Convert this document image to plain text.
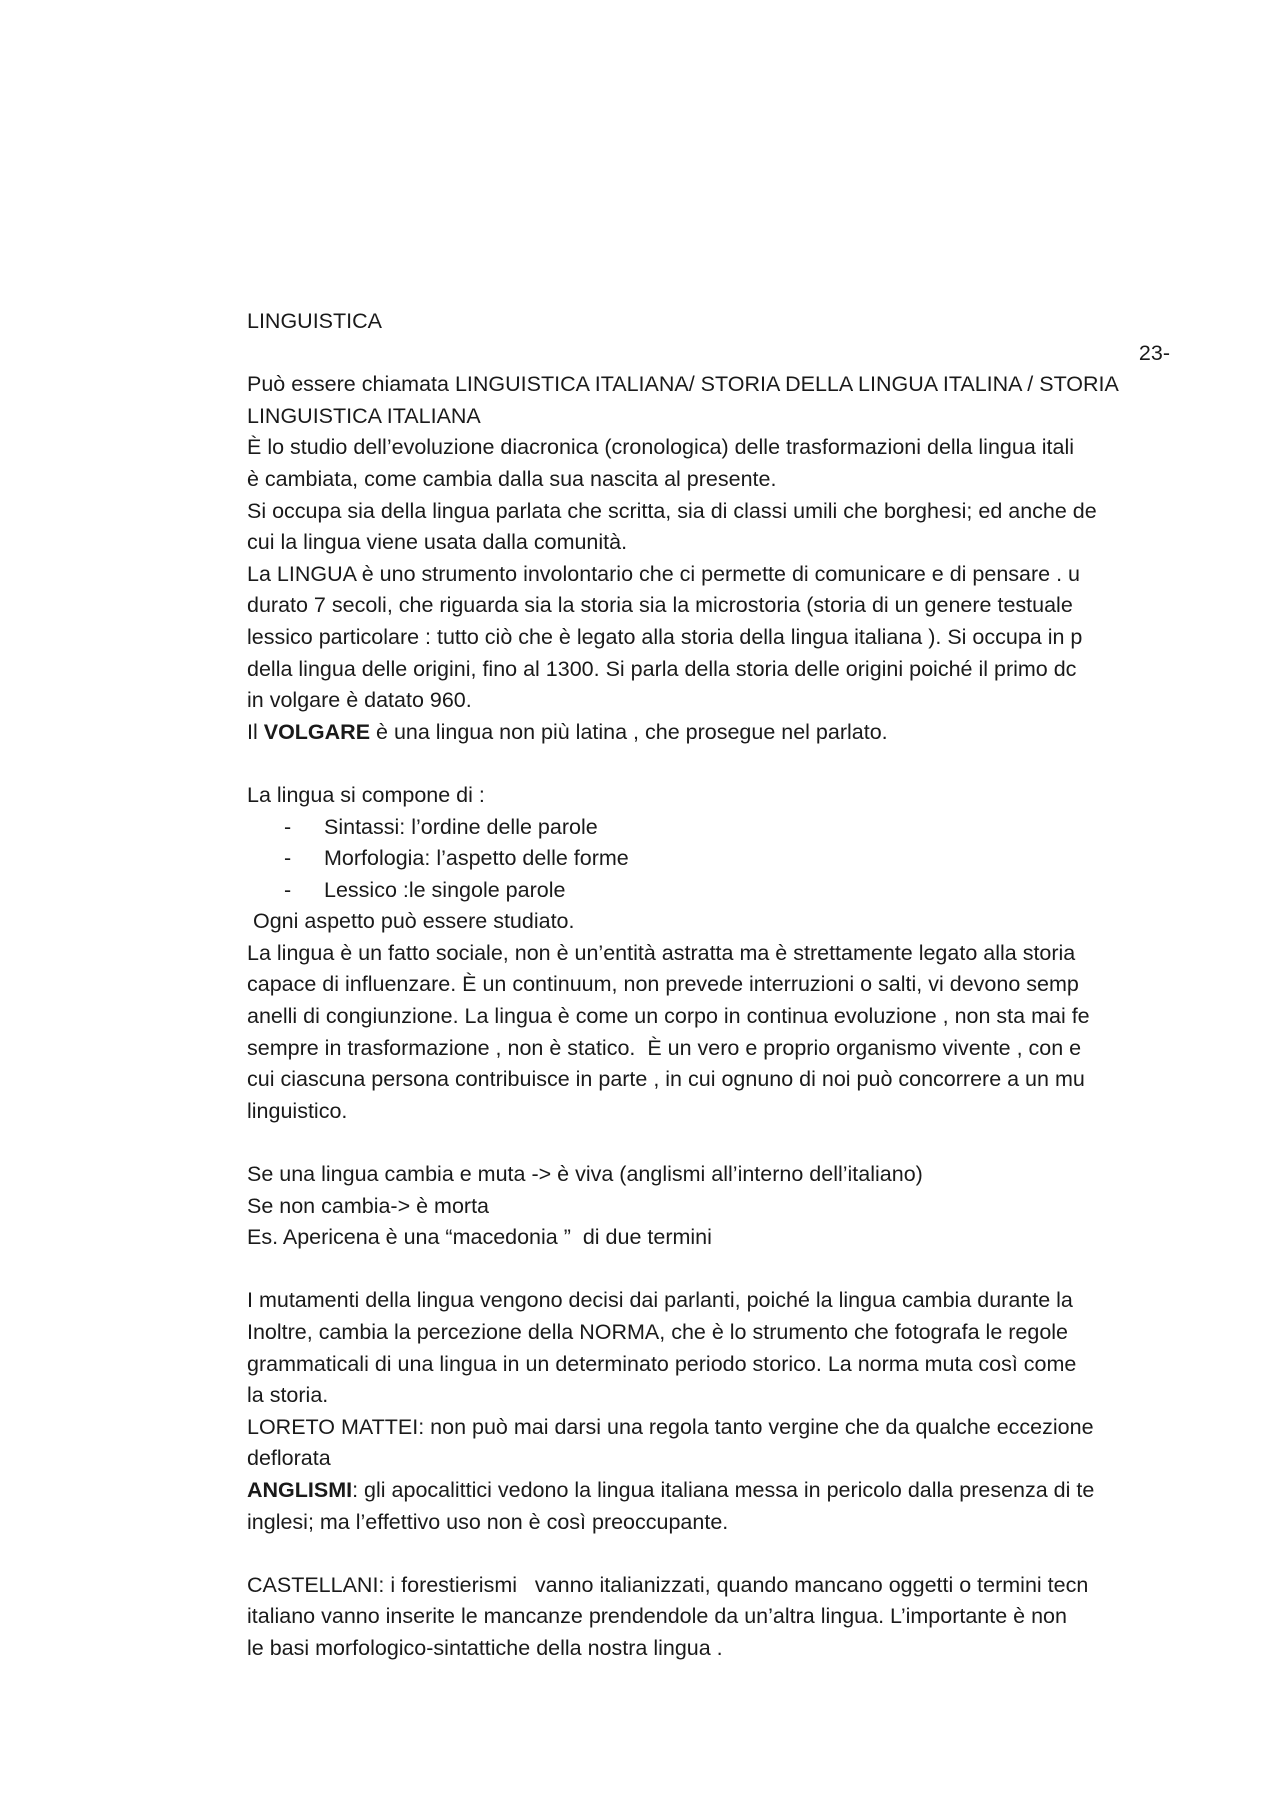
LINGUISTICA
23-
Può essere chiamata LINGUISTICA ITALIANA/ STORIA DELLA LINGUA ITALINA / STORIA
LINGUISTICA ITALIANA
È lo studio dell’evoluzione diacronica (cronologica) delle trasformazioni della lingua itali
è cambiata, come cambia dalla sua nascita al presente.
Si occupa sia della lingua parlata che scritta, sia di classi umili che borghesi; ed anche de
cui la lingua viene usata dalla comunità.
La LINGUA è uno strumento involontario che ci permette di comunicare e di pensare . u
durato 7 secoli, che riguarda sia la storia sia la microstoria (storia di un genere testuale
lessico particolare : tutto ciò che è legato alla storia della lingua italiana ). Si occupa in p
della lingua delle origini, fino al 1300. Si parla della storia delle origini poiché il primo dc
in volgare è datato 960.
Il VOLGARE è una lingua non più latina , che prosegue nel parlato.
La lingua si compone di :
- Sintassi: l’ordine delle parole
- Morfologia: l’aspetto delle forme
- Lessico :le singole parole
Ogni aspetto può essere studiato.
La lingua è un fatto sociale, non è un’entità astratta ma è strettamente legato alla storia
capace di influenzare. È un continuum, non prevede interruzioni o salti, vi devono semp
anelli di congiunzione. La lingua è come un corpo in continua evoluzione , non sta mai fe
sempre in trasformazione , non è statico.  È un vero e proprio organismo vivente , con e
cui ciascuna persona contribuisce in parte , in cui ognuno di noi può concorrere a un mu
linguistico.
Se una lingua cambia e muta -> è viva (anglismi all’interno dell’italiano)
Se non cambia-> è morta
Es. Apericena è una “macedonia ”  di due termini
I mutamenti della lingua vengono decisi dai parlanti, poiché la lingua cambia durante la
Inoltre, cambia la percezione della NORMA, che è lo strumento che fotografa le regole
grammaticali di una lingua in un determinato periodo storico. La norma muta così come
la storia.
LORETO MATTEI: non può mai darsi una regola tanto vergine che da qualche eccezione
deflorata
ANGLISMI: gli apocalittici vedono la lingua italiana messa in pericolo dalla presenza di te
inglesi; ma l’effettivo uso non è così preoccupante.
CASTELLANI: i forestierismi   vanno italianizzati, quando mancano oggetti o termini tecn
italiano vanno inserite le mancanze prendendole da un’altra lingua. L’importante è non
le basi morfologico-sintattiche della nostra lingua .
